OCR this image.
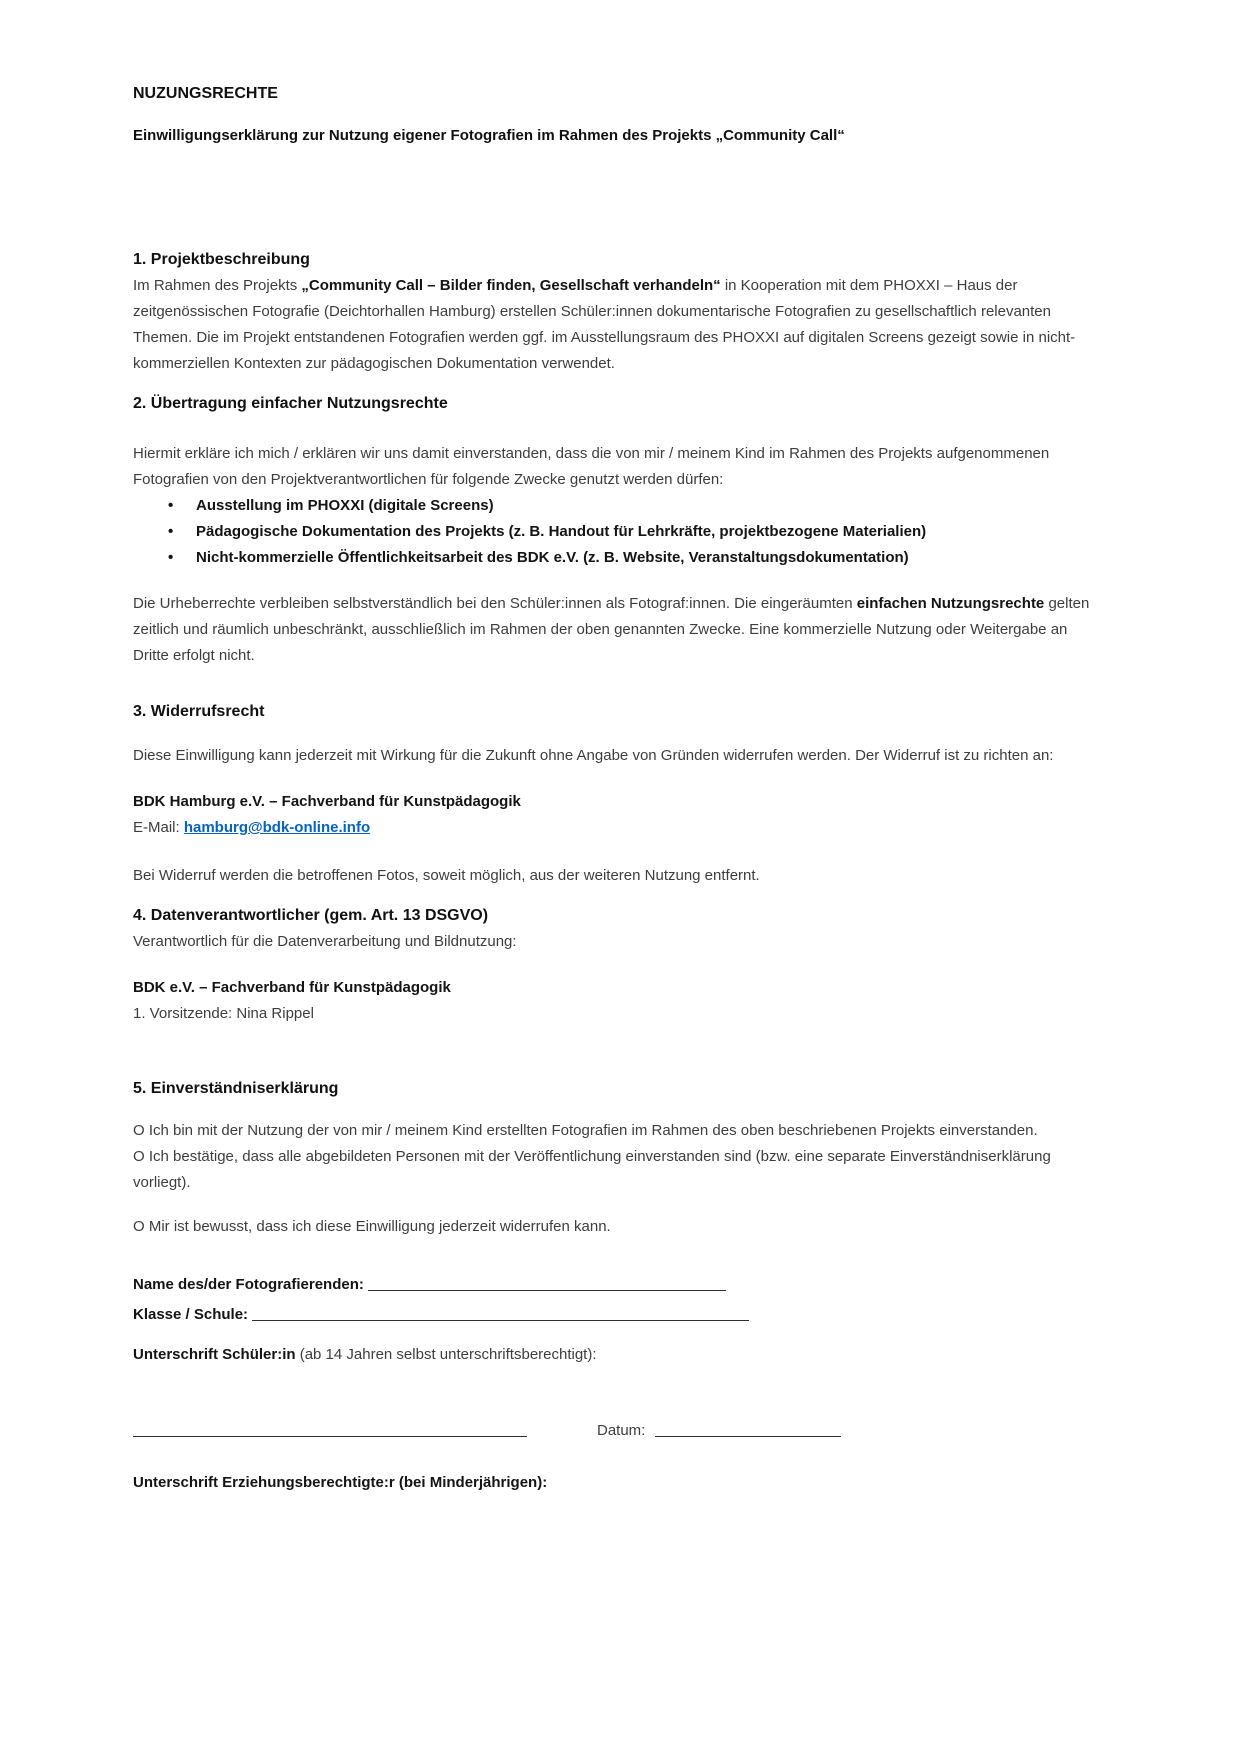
NUZUNGSRECHTE
Einwilligungserklärung zur Nutzung eigener Fotografien im Rahmen des Projekts „Community Call“
1. Projektbeschreibung

Im Rahmen des Projekts „Community Call – Bilder finden, Gesellschaft verhandeln“ in Kooperation mit dem PHOXXI – Haus der zeitgenössischen Fotografie (Deichtorhallen Hamburg) erstellen Schüler:innen dokumentarische Fotografien zu gesellschaftlich relevanten Themen. Die im Projekt entstandenen Fotografien werden ggf. im Ausstellungsraum des PHOXXI auf digitalen Screens gezeigt sowie in nicht-kommerziellen Kontexten zur pädagogischen Dokumentation verwendet.

2. Übertragung einfacher Nutzungsrechte

Hiermit erkläre ich mich / erklären wir uns damit einverstanden, dass die von mir / meinem Kind im Rahmen des Projekts aufgenommenen Fotografien von den Projektverantwortlichen für folgende Zwecke genutzt werden dürfen:

• Ausstellung im PHOXXI (digitale Screens)
• Pädagogische Dokumentation des Projekts (z. B. Handout für Lehrkräfte, projektbezogene Materialien)
• Nicht-kommerzielle Öffentlichkeitsarbeit des BDK e.V. (z. B. Website, Veranstaltungsdokumentation)

Die Urheberrechte verbleiben selbstverständlich bei den Schüler:innen als Fotograf:innen. Die eingeräumten einfachen Nutzungsrechte gelten zeitlich und räumlich unbeschränkt, ausschließlich im Rahmen der oben genannten Zwecke. Eine kommerzielle Nutzung oder Weitergabe an Dritte erfolgt nicht.

3. Widerrufsrecht

Diese Einwilligung kann jederzeit mit Wirkung für die Zukunft ohne Angabe von Gründen widerrufen werden. Der Widerruf ist zu richten an:

BDK Hamburg e.V. – Fachverband für Kunstpädagogik
E-Mail: hamburg@bdk-online.info

Bei Widerruf werden die betroffenen Fotos, soweit möglich, aus der weiteren Nutzung entfernt.

4. Datenverantwortlicher (gem. Art. 13 DSGVO)

Verantwortlich für die Datenverarbeitung und Bildnutzung:

BDK e.V. – Fachverband für Kunstpädagogik
1. Vorsitzende: Nina Rippel
5. Einverständniserklärung

O Ich bin mit der Nutzung der von mir / meinem Kind erstellten Fotografien im Rahmen des oben beschriebenen Projekts einverstanden.

O Ich bestätige, dass alle abgebildeten Personen mit der Veröffentlichung einverstanden sind (bzw. eine separate Einverständniserklärung vorliegt).

O Mir ist bewusst, dass ich diese Einwilligung jederzeit widerrufen kann.

Name des/der Fotografierenden:
Klasse / Schule:
Unterschrift Schüler:in (ab 14 Jahren selbst unterschriftsberechtigt):
Datum:
Unterschrift Erziehungsberechtigte:r (bei Minderjährigen):
